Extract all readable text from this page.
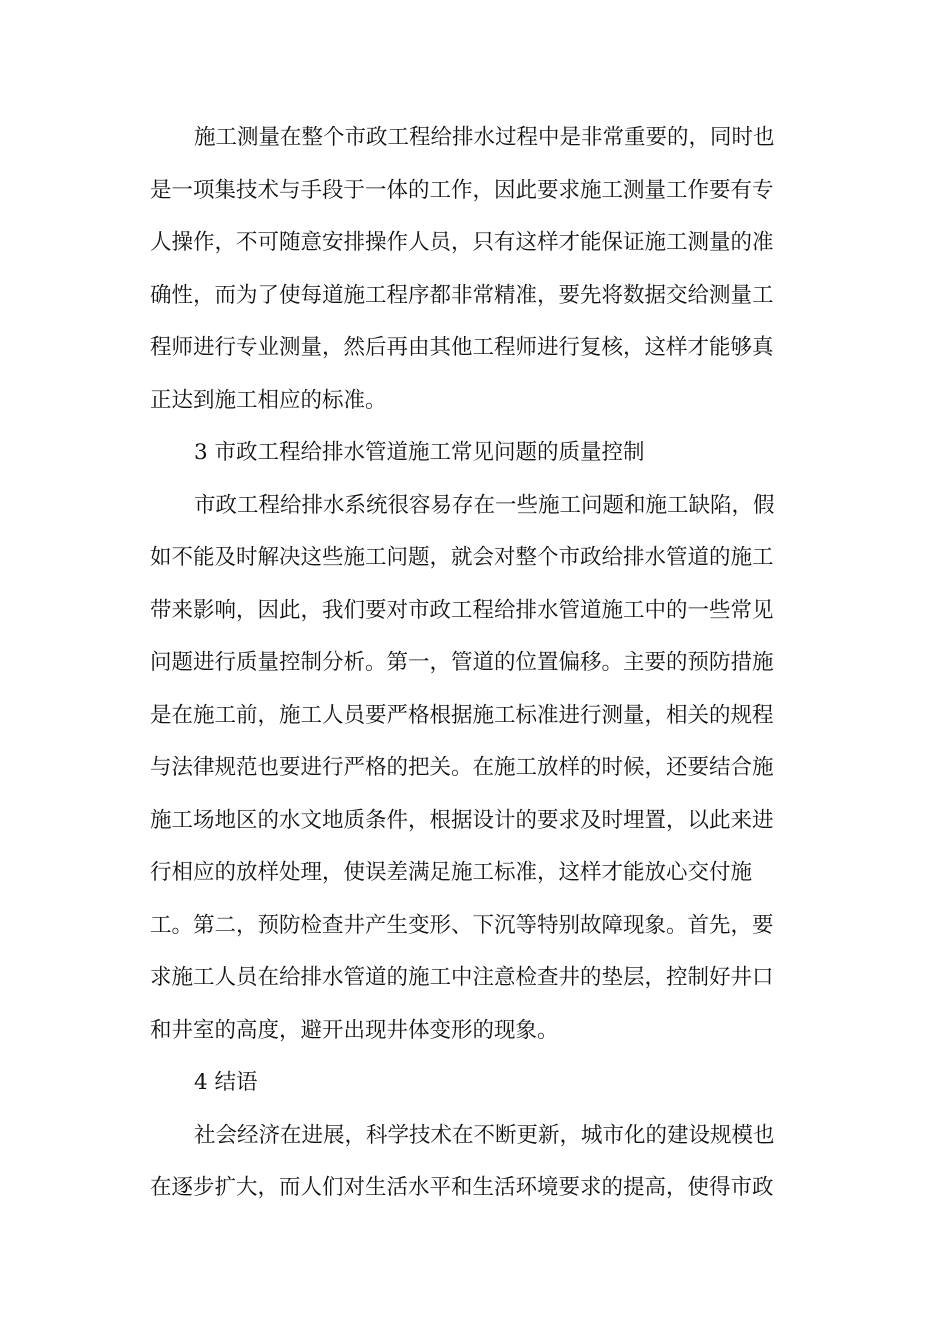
施工测量在整个市政工程给排水过程中是非常重要的，同时也
是一项集技术与手段于一体的工作，因此要求施工测量工作要有专
人操作，不可随意安排操作人员，只有这样才能保证施工测量的准
确性，而为了使每道施工程序都非常精准，要先将数据交给测量工
程师进行专业测量，然后再由其他工程师进行复核，这样才能够真
正达到施工相应的标准。
3 市政工程给排水管道施工常见问题的质量控制
市政工程给排水系统很容易存在一些施工问题和施工缺陷，假
如不能及时解决这些施工问题，就会对整个市政给排水管道的施工
带来影响，因此，我们要对市政工程给排水管道施工中的一些常见
问题进行质量控制分析。第一，管道的位置偏移。主要的预防措施
是在施工前，施工人员要严格根据施工标准进行测量，相关的规程
与法律规范也要进行严格的把关。在施工放样的时候，还要结合施
施工场地区的水文地质条件，根据设计的要求及时埋置，以此来进
行相应的放样处理，使误差满足施工标准，这样才能放心交付施
工。第二，预防检查井产生变形、下沉等特别故障现象。首先，要
求施工人员在给排水管道的施工中注意检查井的垫层，控制好井口
和井室的高度，避开出现井体变形的现象。
4 结语
社会经济在进展，科学技术在不断更新，城市化的建设规模也
在逐步扩大，而人们对生活水平和生活环境要求的提高，使得市政
